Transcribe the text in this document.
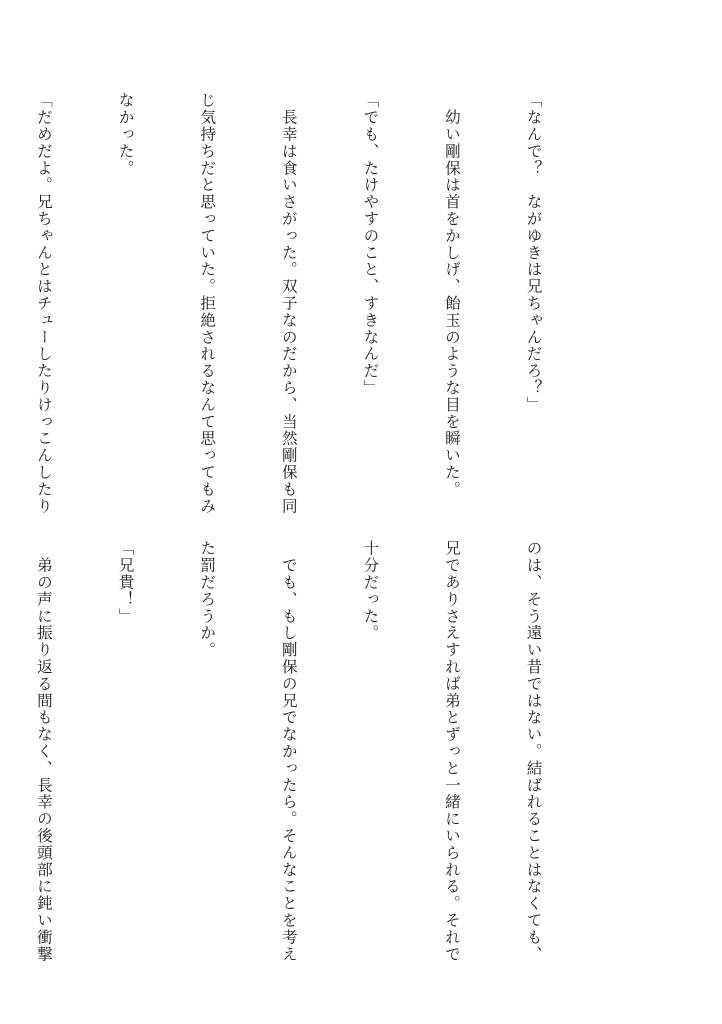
「なんで？　ながゆきは兄ちゃんだろ？」

　幼い剛保は首をかしげ、飴玉のような目を瞬いた。

「でも、たけやすのこと、すきなんだ」

　長幸は食いさがった。双子なのだから、当然剛保も同

じ気持ちだと思っていた。拒絶されるなんて思ってもみ

なかった。

「だめだよ。兄ちゃんとはチューしたりけっこんしたり

のは、そう遠い昔ではない。結ばれることはなくても、

兄でありさえすれば弟とずっと一緒にいられる。それで

十分だった。

　でも、もし剛保の兄でなかったら。そんなことを考え

た罰だろうか。

「兄貴！」

　弟の声に振り返る間もなく、長幸の後頭部に鈍い衝撃
